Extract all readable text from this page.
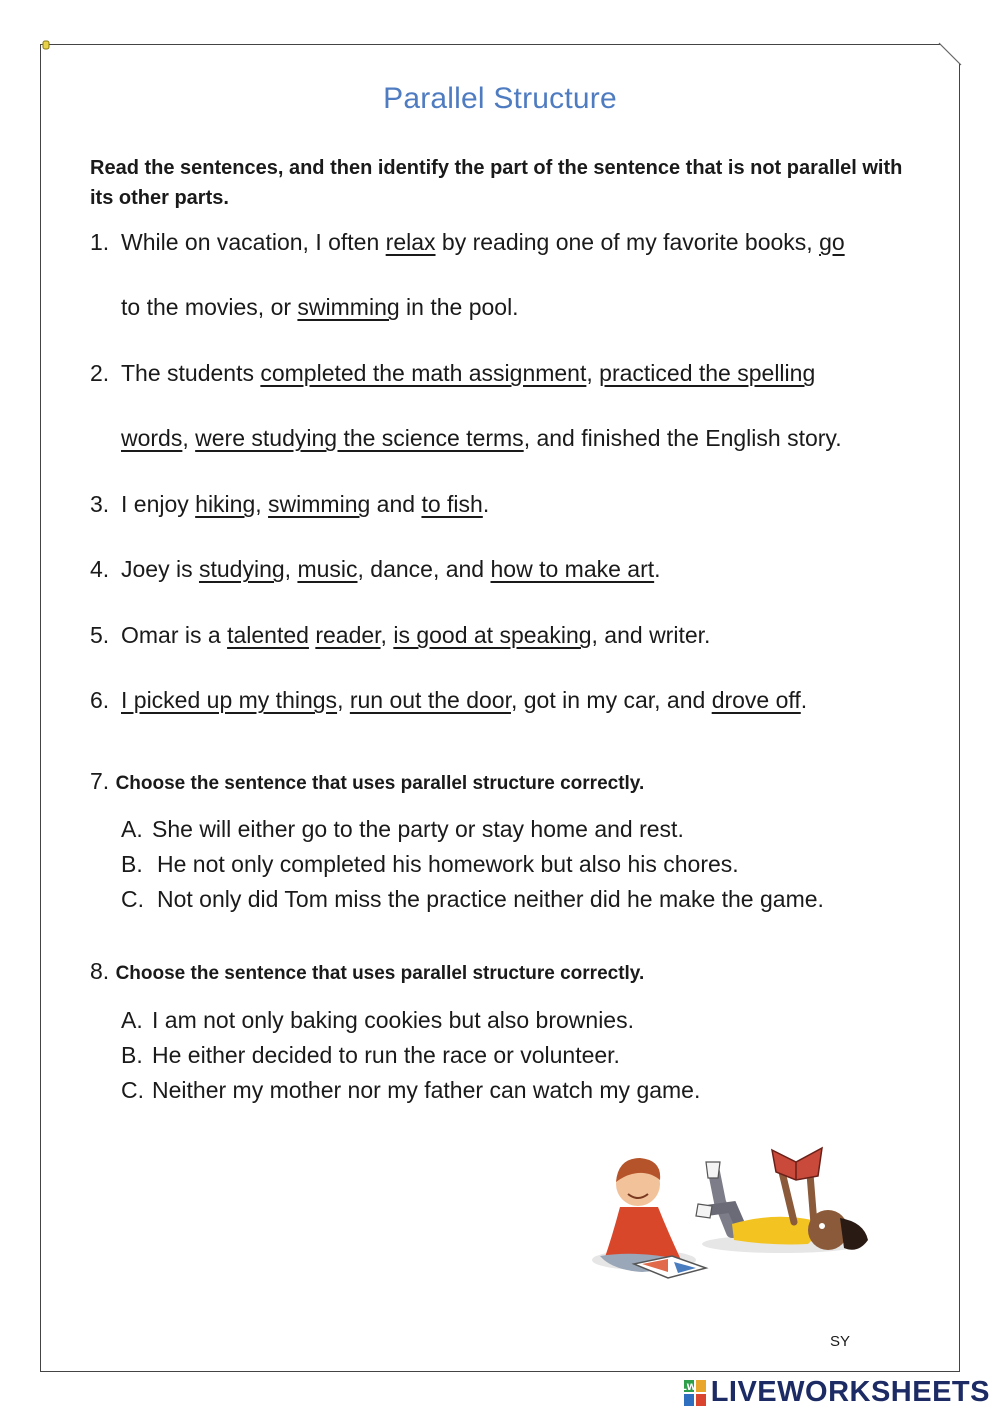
Parallel Structure
Read the sentences, and then identify the part of the sentence that is not parallel with its other parts.
1. While on vacation, I often relax by reading one of my favorite books, go
to the movies, or swimming in the pool.
2. The students completed the math assignment, practiced the spelling
words, were studying the science terms, and finished the English story.
3. I enjoy hiking, swimming and to fish.
4. Joey is studying, music, dance, and how to make art.
5. Omar is a talented reader, is good at speaking, and writer.
6. I picked up my things, run out the door, got in my car, and drove off.
7. Choose the sentence that uses parallel structure correctly.
A. She will either go to the party or stay home and rest.
B. He not only completed his homework but also his chores.
C. Not only did Tom miss the practice neither did he make the game.
8. Choose the sentence that uses parallel structure correctly.
A. I am not only baking cookies but also brownies.
B. He either decided to run the race or volunteer.
C. Neither my mother nor my father can watch my game.
SY
LW LIVEWORKSHEETS
